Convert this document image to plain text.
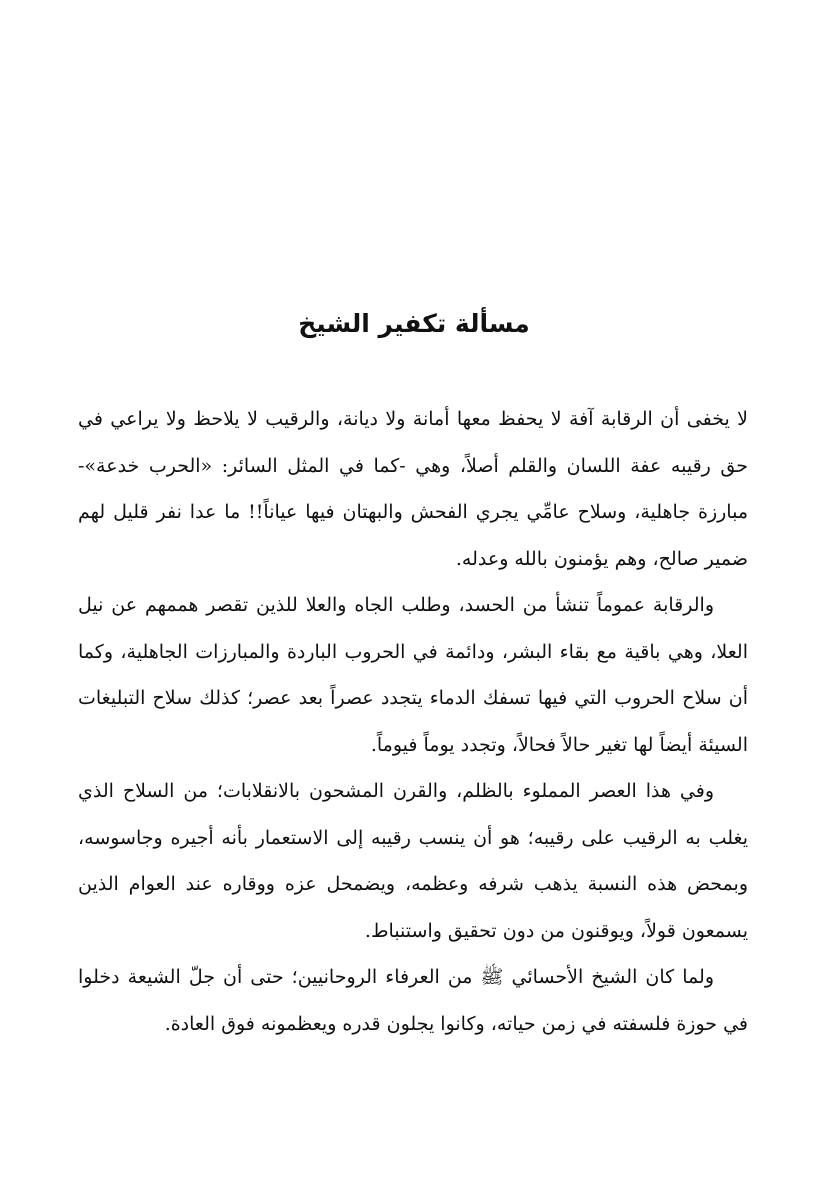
مسألة تكفير الشيخ

لا يخفى أن الرقابة آفة لا يحفظ معها أمانة ولا ديانة، والرقيب لا يلاحظ ولا يراعي في حق رقيبه عفة اللسان والقلم أصلاً، وهي -كما في المثل السائر: «الحرب خدعة»- مبارزة جاهلية، وسلاح عامِّي يجري الفحش والبهتان فيها عياناً!! ما عدا نفر قليل لهم ضمير صالح، وهم يؤمنون بالله وعدله.

والرقابة عموماً تنشأ من الحسد، وطلب الجاه والعلا للذين تقصر هممهم عن نيل العلا، وهي باقية مع بقاء البشر، ودائمة في الحروب الباردة والمبارزات الجاهلية، وكما أن سلاح الحروب التي فيها تسفك الدماء يتجدد عصراً بعد عصر؛ كذلك سلاح التبليغات السيئة أيضاً لها تغير حالاً فحالاً، وتجدد يوماً فيوماً.

وفي هذا العصر المملوء بالظلم، والقرن المشحون بالانقلابات؛ من السلاح الذي يغلب به الرقيب على رقيبه؛ هو أن ينسب رقيبه إلى الاستعمار بأنه أجيره وجاسوسه، وبمحض هذه النسبة يذهب شرفه وعظمه، ويضمحل عزه ووقاره عند العوام الذين يسمعون قولاً، ويوقنون من دون تحقيق واستنباط.

ولما كان الشيخ الأحسائي ﷺ من العرفاء الروحانيين؛ حتى أن جلّ الشيعة دخلوا في حوزة فلسفته في زمن حياته، وكانوا يجلون قدره ويعظمونه فوق العادة.
